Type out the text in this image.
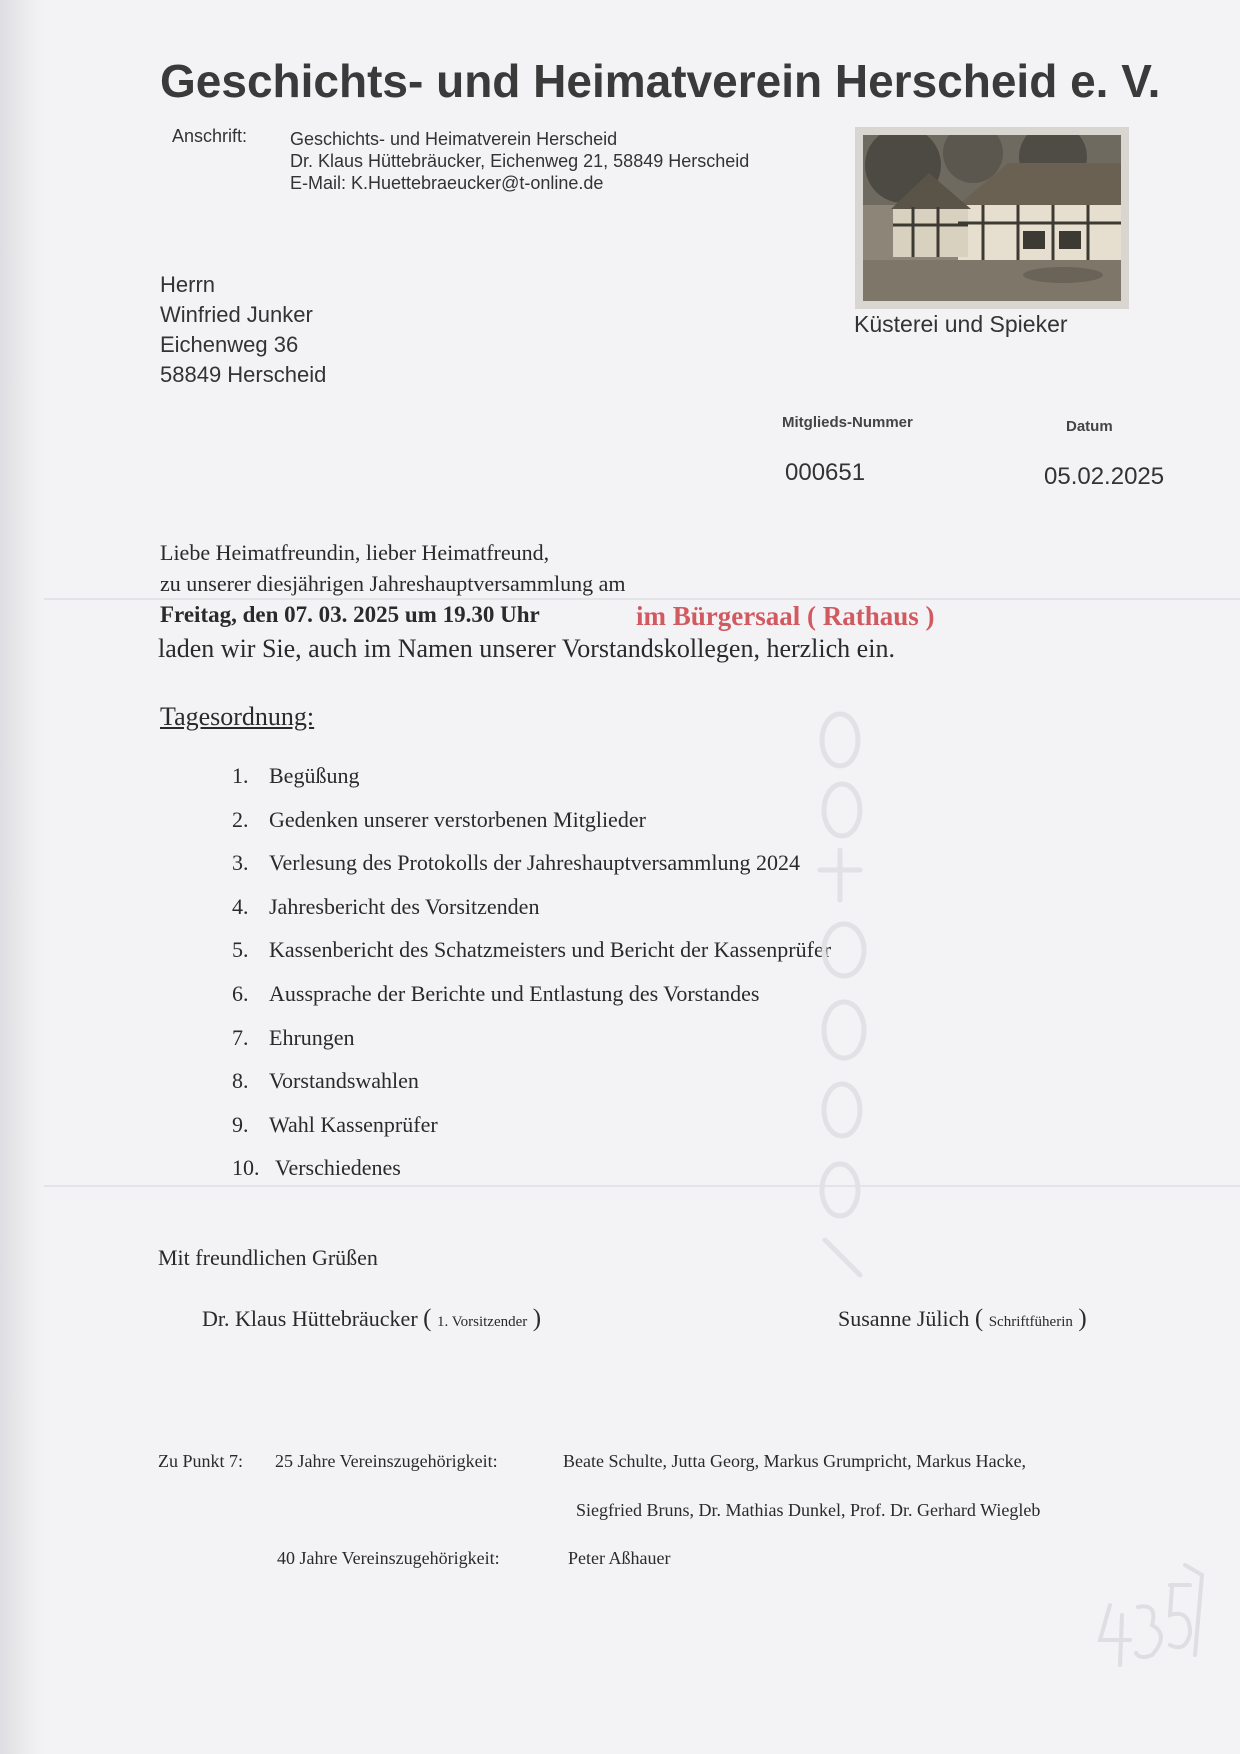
Geschichts- und Heimatverein Herscheid e. V.
Anschrift: Geschichts- und Heimatverein Herscheid
Dr. Klaus Hüttebräucker, Eichenweg 21, 58849 Herscheid
E-Mail: K.Huettebraeucker@t-online.de
Küsterei und Spieker
Herrn
Winfried Junker
Eichenweg 36
58849 Herscheid
Mitglieds-Nummer	Datum
000651	05.02.2025
Liebe Heimatfreundin, lieber Heimatfreund,
zu unserer diesjährigen Jahreshauptversammlung am
Freitag, den 07. 03. 2025 um 19.30 Uhr	im Bürgersaal ( Rathaus )
laden wir Sie, auch im Namen unserer Vorstandskollegen, herzlich ein.
Tagesordnung:
1. Begüßung
2. Gedenken unserer verstorbenen Mitglieder
3. Verlesung des Protokolls der Jahreshauptversammlung 2024
4. Jahresbericht des Vorsitzenden
5. Kassenbericht des Schatzmeisters und Bericht der Kassenprüfer
6. Aussprache der Berichte und Entlastung des Vorstandes
7. Ehrungen
8. Vorstandswahlen
9. Wahl Kassenprüfer
10. Verschiedenes
Mit freundlichen Grüßen
Dr. Klaus Hüttebräucker ( 1. Vorsitzender )	Susanne Jülich ( Schriftfüherin )
Zu Punkt 7: 25 Jahre Vereinszugehörigkeit:	Beate Schulte, Jutta Georg, Markus Grumpricht, Markus Hacke,
Siegfried Bruns, Dr. Mathias Dunkel, Prof. Dr. Gerhard Wiegleb
40 Jahre Vereinszugehörigkeit:	Peter Aßhauer
